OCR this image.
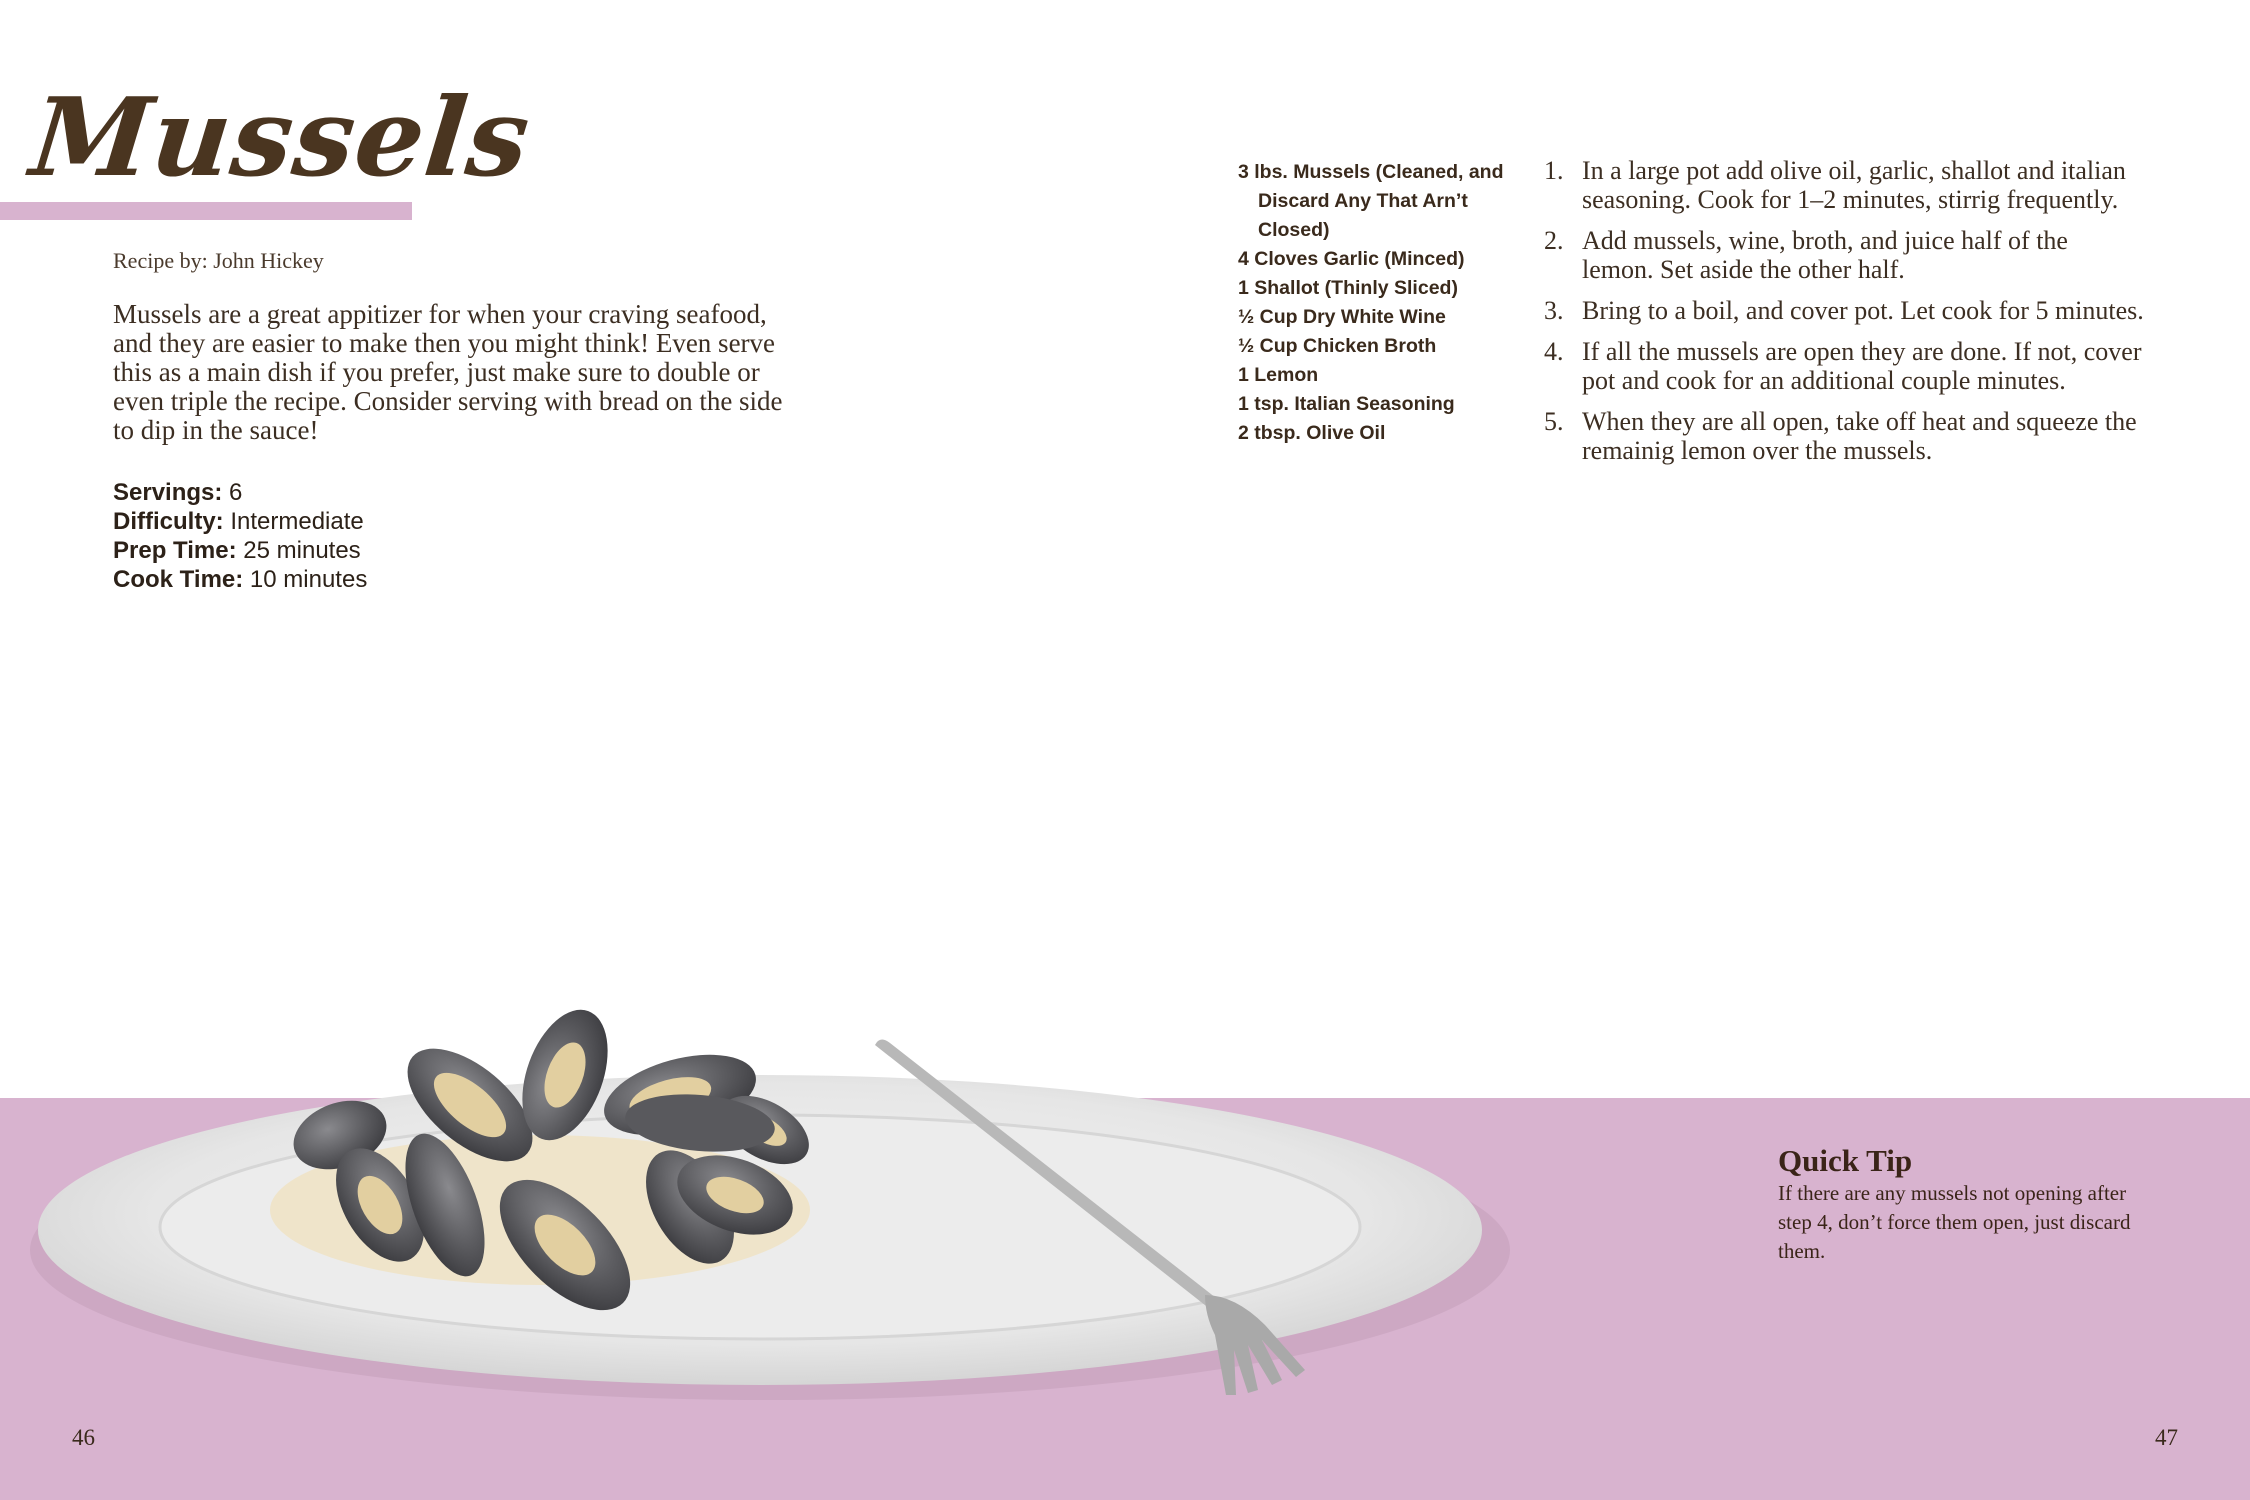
Mussels
Recipe by: John Hickey
Mussels are a great appitizer for when your craving seafood, and they are easier to make then you might think! Even serve this as a main dish if you prefer, just make sure to double or even triple the recipe. Consider serving with bread on the side to dip in the sauce!
Servings: 6
Difficulty: Intermediate
Prep Time: 25 minutes
Cook Time: 10 minutes
3 lbs. Mussels (Cleaned, and Discard Any That Arn’t Closed)
4 Cloves Garlic (Minced)
1 Shallot (Thinly Sliced)
½ Cup Dry White Wine
½ Cup Chicken Broth
1 Lemon
1 tsp. Italian Seasoning
2 tbsp. Olive Oil
1. In a large pot add olive oil, garlic, shallot and italian seasoning. Cook for 1–2 minutes, stirrig frequently.
2. Add mussels, wine, broth, and juice half of the lemon. Set aside the other half.
3. Bring to a boil, and cover pot. Let cook for 5 minutes.
4. If all the mussels are open they are done. If not, cover pot and cook for an additional couple minutes.
5. When they are all open, take off heat and squeeze the remainig lemon over the mussels.
Quick Tip
If there are any mussels not opening after step 4, don’t force them open, just discard them.
46	47
